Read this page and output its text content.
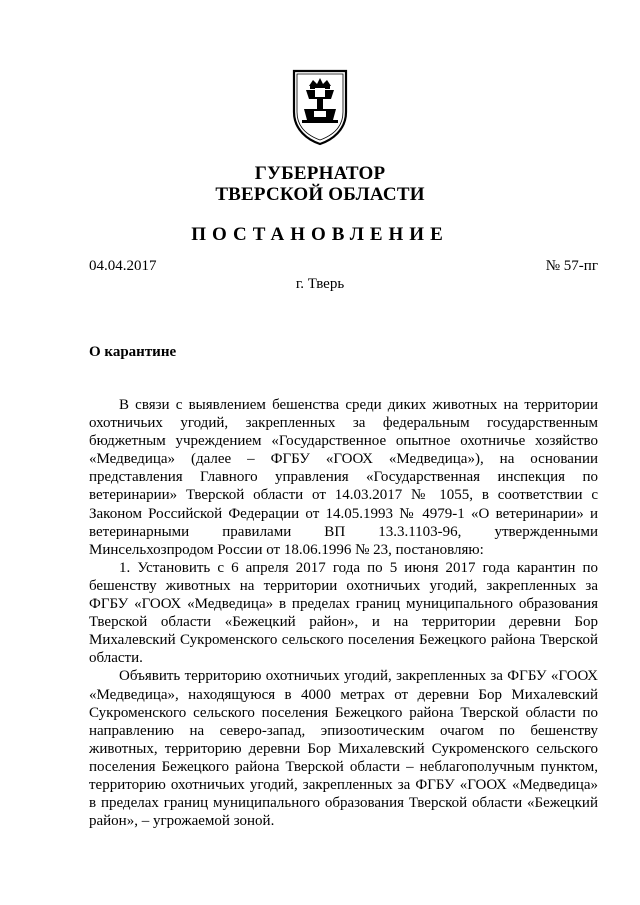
ГУБЕРНАТОР
ТВЕРСКОЙ ОБЛАСТИ
ПОСТАНОВЛЕНИЕ
04.04.2017	№ 57-пг
г. Тверь
О карантине

В связи с выявлением бешенства среди диких животных на территории охотничьих угодий, закрепленных за федеральным государственным бюджетным учреждением «Государственное опытное охотничье хозяйство «Медведица» (далее – ФГБУ «ГООХ «Медведица»), на основании представления Главного управления «Государственная инспекция по ветеринарии» Тверской области от 14.03.2017 № 1055, в соответствии с Законом Российской Федерации от 14.05.1993 № 4979-1 «О ветеринарии» и ветеринарными правилами ВП 13.3.1103-96, утвержденными Минсельхозпродом России от 18.06.1996 № 23, постановляю:

1. Установить с 6 апреля 2017 года по 5 июня 2017 года карантин по бешенству животных на территории охотничьих угодий, закрепленных за ФГБУ «ГООХ «Медведица» в пределах границ муниципального образования Тверской области «Бежецкий район», и на территории деревни Бор Михалевский Сукроменского сельского поселения Бежецкого района Тверской области.

Объявить территорию охотничьих угодий, закрепленных за ФГБУ «ГООХ «Медведица», находящуюся в 4000 метрах от деревни Бор Михалевский Сукроменского сельского поселения Бежецкого района Тверской области по направлению на северо-запад, эпизоотическим очагом по бешенству животных, территорию деревни Бор Михалевский Сукроменского сельского поселения Бежецкого района Тверской области – неблагополучным пунктом, территорию охотничьих угодий, закрепленных за ФГБУ «ГООХ «Медведица» в пределах границ муниципального образования Тверской области «Бежецкий район», – угрожаемой зоной.
